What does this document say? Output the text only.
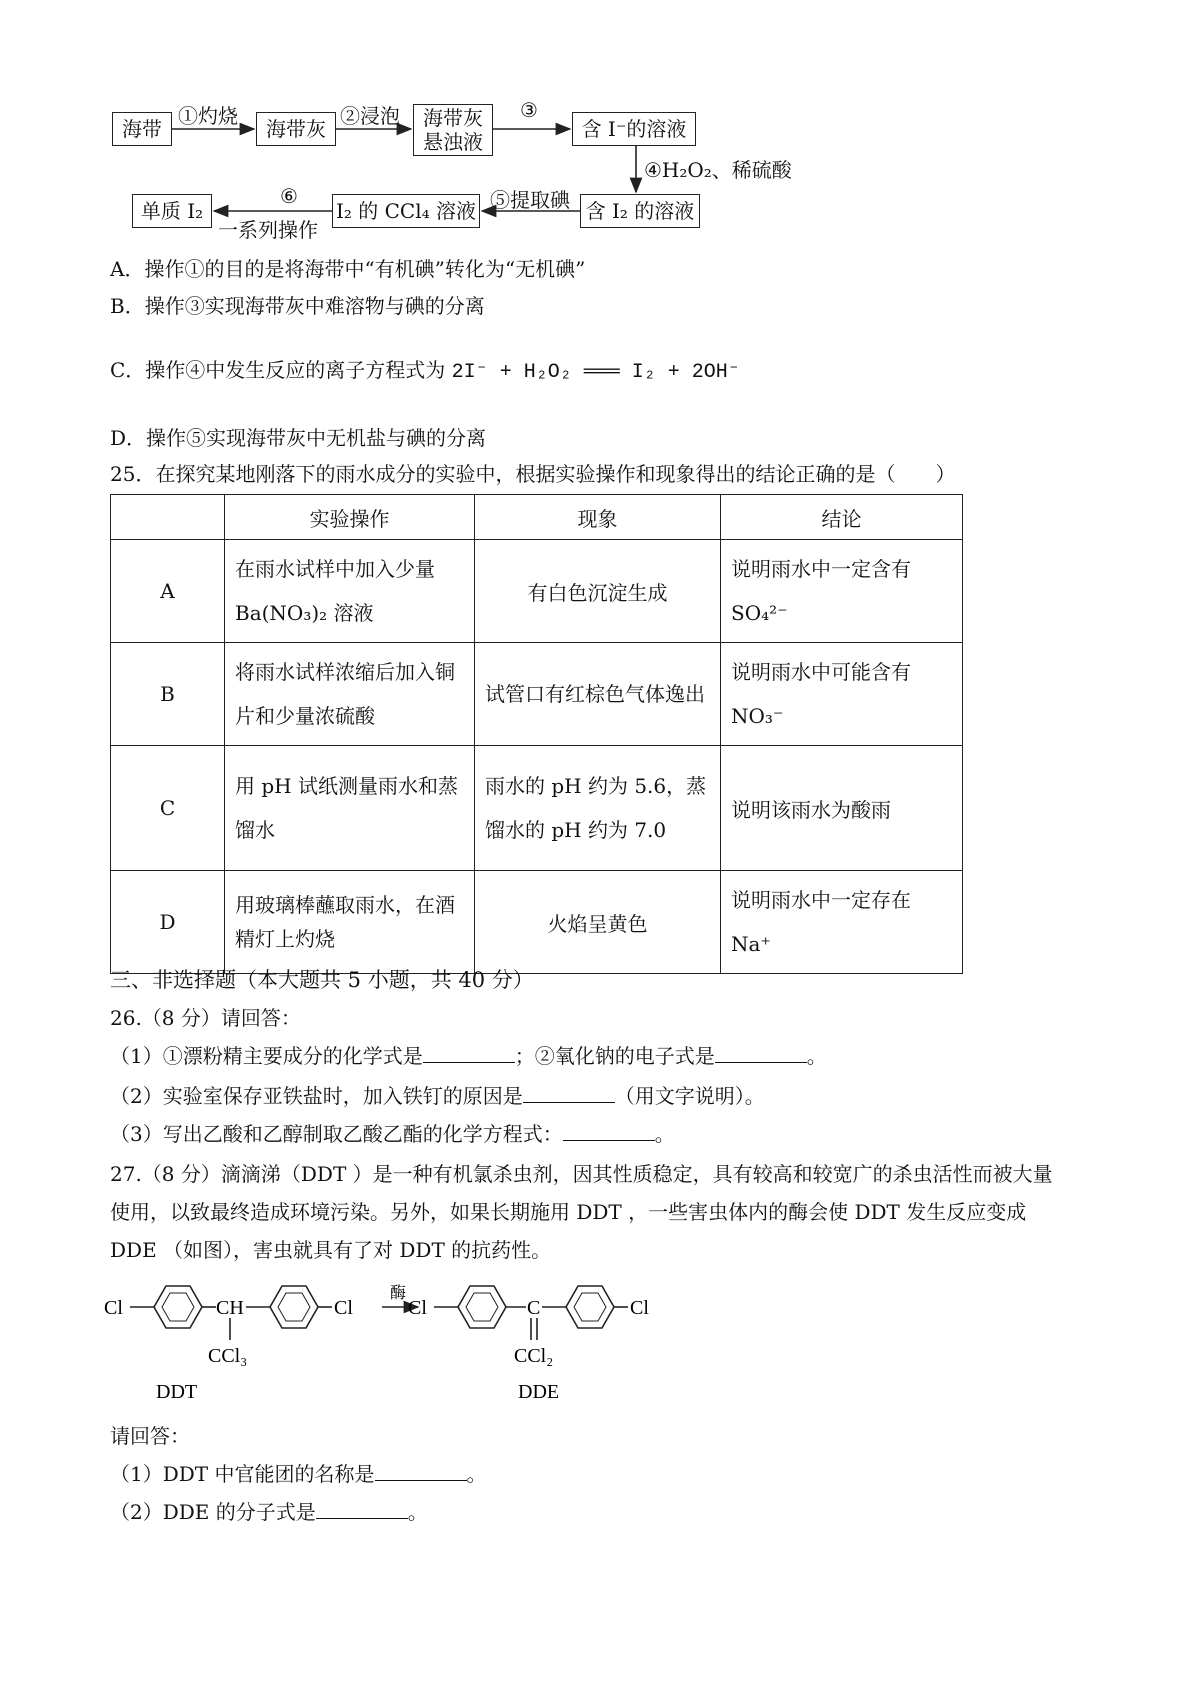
海带	海带灰	海带灰
悬浊液
含 I⁻的溶液
含 I₂ 的溶液
I₂ 的 CCl₄ 溶液
单质 I₂
①灼烧	②浸泡	③
④H₂O₂、稀硫酸
⑤提取碘
⑥
一系列操作
A．操作①的目的是将海带中“有机碘”转化为“无机碘”
B．操作③实现海带灰中难溶物与碘的分离
C．操作④中发生反应的离子方程式为 2I⁻ + H₂O₂ ═══ I₂ + 2OH⁻
D．操作⑤实现海带灰中无机盐与碘的分离
25．在探究某地刚落下的雨水成分的实验中，根据实验操作和现象得出的结论正确的是（　　）
	实验操作	现象	结论
A	在雨水试样中加入少量 Ba(NO₃)₂ 溶液	有白色沉淀生成	说明雨水中一定含有 SO₄²⁻
B	将雨水试样浓缩后加入铜片和少量浓硫酸	试管口有红棕色气体逸出	说明雨水中可能含有 NO₃⁻
C	用 pH 试纸测量雨水和蒸馏水	雨水的 pH 约为 5.6，蒸馏水的 pH 约为 7.0	说明该雨水为酸雨
D	用玻璃棒蘸取雨水，在酒精灯上灼烧	火焰呈黄色	说明雨水中一定存在 Na⁺
三、非选择题（本大题共 5 小题，共 40 分）
26.（8 分）请回答：
（1）①漂粉精主要成分的化学式是	；②氧化钠的电子式是	。
（2）实验室保存亚铁盐时，加入铁钉的原因是	（用文字说明）。
（3）写出乙酸和乙醇制取乙酸乙酯的化学方程式：	。
27.（8 分）滴滴涕（DDT ）是一种有机氯杀虫剂，因其性质稳定，具有较高和较宽广的杀虫活性而被大量
使用，以致最终造成环境污染。另外，如果长期施用 DDT ，一些害虫体内的酶会使 DDT 发生反应变成
DDE （如图），害虫就具有了对 DDT 的抗药性。
Cl	CH	Cl
CCl₃
酶
Cl	C	Cl
CCl₂
DDT	DDE
请回答：
（1）DDT 中官能团的名称是	。
（2）DDE 的分子式是	。
